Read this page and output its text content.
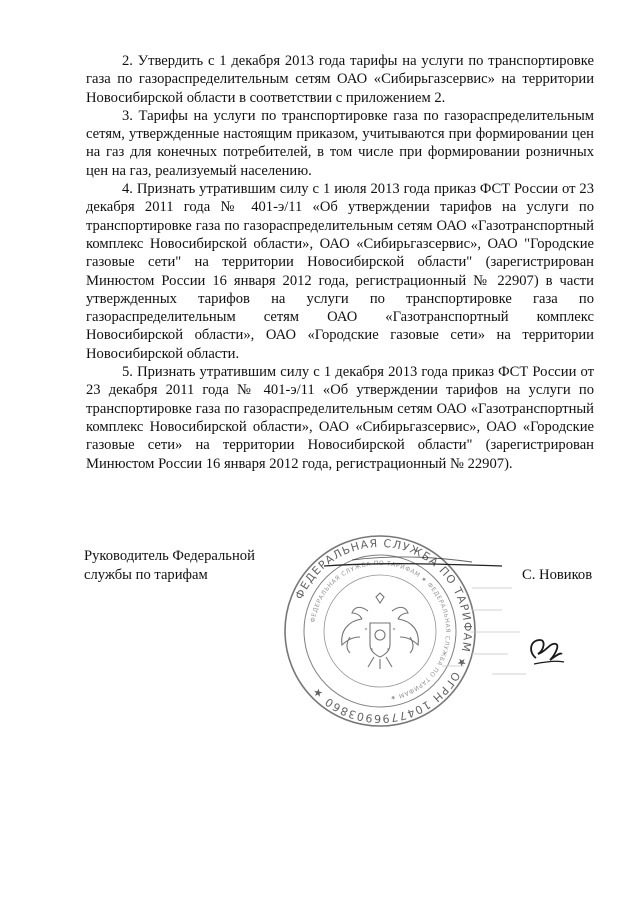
2. Утвердить с 1 декабря 2013 года тарифы на услуги по транспортировке газа по газораспределительным сетям ОАО «Сибирьгазсервис» на территории Новосибирской области в соответствии с приложением 2.

3. Тарифы на услуги по транспортировке газа по газораспределительным сетям, утвержденные настоящим приказом, учитываются при формировании цен на газ для конечных потребителей, в том числе при формировании розничных цен на газ, реализуемый населению.

4. Признать утратившим силу с 1 июля 2013 года приказ ФСТ России от 23 декабря 2011 года № 401-э/11 «Об утверждении тарифов на услуги по транспортировке газа по газораспределительным сетям ОАО «Газотранспортный комплекс Новосибирской области», ОАО «Сибирьгазсервис», ОАО "Городские газовые сети" на территории Новосибирской области" (зарегистрирован Минюстом России 16 января 2012 года, регистрационный № 22907) в части утвержденных тарифов на услуги по транспортировке газа по газораспределительным сетям ОАО «Газотранспортный комплекс Новосибирской области», ОАО «Городские газовые сети» на территории Новосибирской области.

5. Признать утратившим силу с 1 декабря 2013 года приказ ФСТ России от 23 декабря 2011 года № 401-э/11 «Об утверждении тарифов на услуги по транспортировке газа по газораспределительным сетям ОАО «Газотранспортный комплекс Новосибирской области», ОАО «Сибирьгазсервис», ОАО «Городские газовые сети» на территории Новосибирской области" (зарегистрирован Минюстом России 16 января 2012 года, регистрационный № 22907).

ФЕДЕРАЛЬНАЯ СЛУЖБА ПО ТАРИФАМ ★ ОГРН 1047796903860 ★
ФЕДЕРАЛЬНАЯ СЛУЖБА ПО ТАРИФАМ ★ ФЕДЕРАЛЬНАЯ СЛУЖБА ПО ТАРИФАМ ★
Руководитель Федеральной службы по тарифам	С. Новиков
